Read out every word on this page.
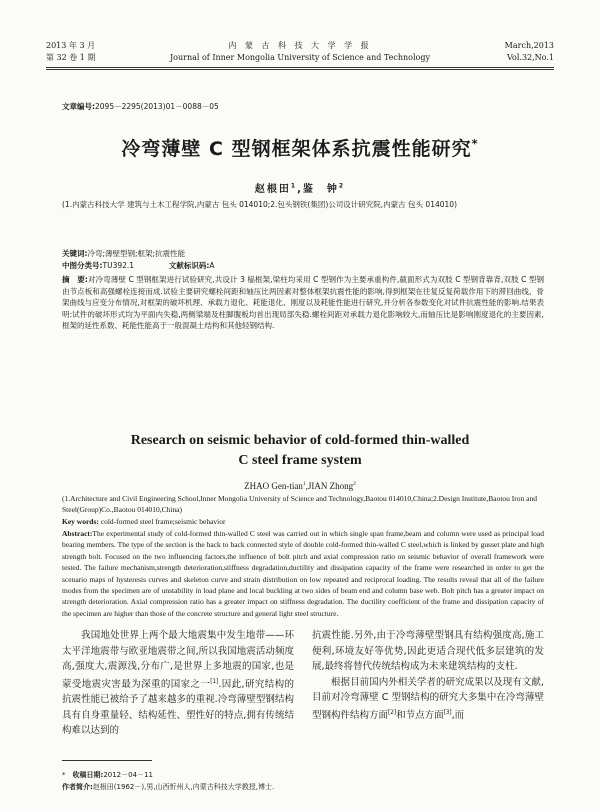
2013 年 3 月
第 32 卷 1 期
内 蒙 古 科 技 大 学 学 报
Journal of Inner Mongolia University of Science and Technology
March,2013
Vol.32,No.1
文章编号:2095－2295(2013)01－0088－05
冷弯薄壁 C 型钢框架体系抗震性能研究*
赵根田$^1$,鉴　钟$^2$
(1.内蒙古科技大学 建筑与土木工程学院,内蒙古 包头 014010;2.包头钢铁(集团)公司设计研究院,内蒙古 包头 014010)
关键词:冷弯;薄壁型钢;框架;抗震性能
中图分类号:TU392.1	文献标识码:A
摘　要:对冷弯薄壁 C 型钢框架进行试验研究,共设计 3 榀框架,梁柱均采用 C 型钢作为主要承重构件,截面形式为双肢 C 型钢背靠背,双肢 C 型钢由节点板和高强螺栓连接而成.试验主要研究螺栓间距和轴压比两因素对整体框架抗震性能的影响,得到框架在往复反复荷载作用下的滞回曲线、骨架曲线与应变分布情况,对框架的破坏机理、承载力退化、耗能退化、刚度以及耗能性能进行研究,并分析各参数变化对试件抗震性能的影响.结果表明:试件的破坏形式均为平面内失稳,两侧梁端及柱脚腹板均首出现局部失稳.螺栓间距对承载力退化影响较大,而轴压比是影响刚度退化的主要因素,框架的延性系数、耗能性能高于一般混凝土结构和其他轻钢结构.
Research on seismic behavior of cold-formed thin-walled
C steel frame system
ZHAO Gen-tian$^1$,JIAN Zhong$^2$
(1.Architecture and Civil Engineering School,Inner Mongolia University of Science and Technology,Baotou 014010,China;2.Design Institute,Baotou Iron and Steel(Group)Co.,Baotou 014010,China)
Key words: cold-formed steel frame;seismic behavior
Abstract:The experimental study of cold-formed thin-walled C steel was carried out in which single span frame,beam and column were used as principal load bearing members. The type of the section is the back to back connected style of double cold-formed thin-walled C steel,which is linked by gusset plate and high strength bolt. Focused on the two influencing factors,the influence of bolt pitch and axial compression ratio on seismic behavior of overall framework were tested. The failure mechanism,strength deterioration,stiffness degradation,ductility and dissipation capacity of the frame were researched in order to get the scenario maps of hysteresis curves and skeleton curve and strain distribution on low repeated and reciprocal loading. The results reveal that all of the failure modes from the specimen are of unstability in load plane and local buckling at two sides of beam end and column base web. Bolt pitch has a greater impact on strength deterioration. Axial compression ratio has a greater impact on stiffness degradation. The ductility coefficient of the frame and dissipation capacity of the specimen are higher than those of the concrete structure and general light steel structure.
我国地处世界上两个最大地震集中发生地带——环太平洋地震带与欧亚地震带之间,所以我国地震活动频度高,强度大,震源浅,分布广,是世界上多地震的国家,也是蒙受地震灾害最为深重的国家之一[1].因此,研究结构的抗震性能已被给予了越来越多的重视.冷弯薄壁型钢结构具有自身重量轻、结构延性、塑性好的特点,拥有传统结构难以达到的
抗震性能.另外,由于冷弯薄壁型钢具有结构强度高,施工便利,环境友好等优势,因此更适合现代低多层建筑的发展,最终将替代传统结构成为未来建筑结构的支柱.
根据目前国内外相关学者的研究成果以及现有文献,目前对冷弯薄壁 C 型钢结构的研究大多集中在冷弯薄壁型钢构件结构方面[2]和节点方面[3],而
*　收稿日期:2012－04－11
作者简介:赵根田(1962－),男,山西忻州人,内蒙古科技大学教授,博士.
